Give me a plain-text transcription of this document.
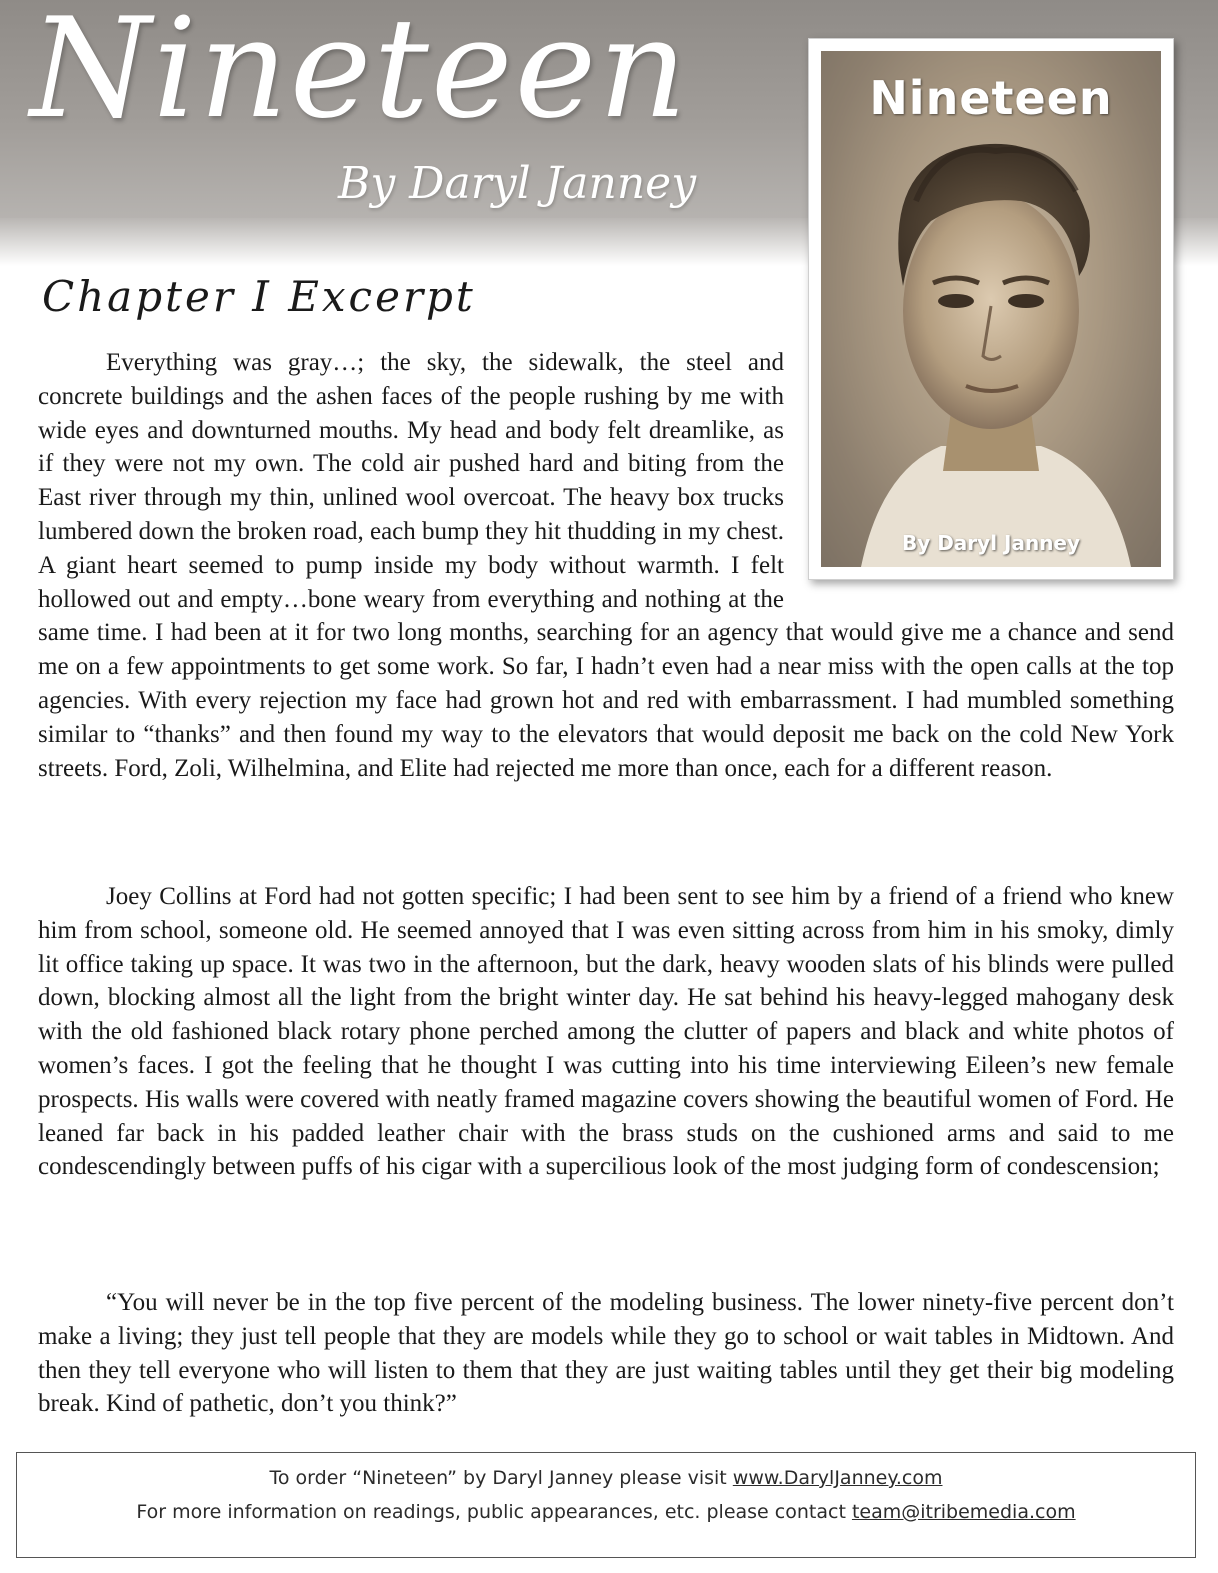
Nineteen
By Daryl Janney
Nineteen
By Daryl Janney
Chapter I Excerpt
Everything was gray…; the sky, the sidewalk, the steel and concrete buildings and the ashen faces of the people rushing by me with wide eyes and downturned mouths. My head and body felt dreamlike, as if they were not my own. The cold air pushed hard and biting from the East river through my thin, unlined wool overcoat. The heavy box trucks lumbered down the broken road, each bump they hit thudding in my chest. A giant heart seemed to pump inside my body without warmth. I felt hollowed out and empty…bone weary from everything and nothing at the same time. I had been at it for two long months, searching for an agency that would give me a chance and send me on a few appointments to get some work. So far, I hadn’t even had a near miss with the open calls at the top agencies. With every rejection my face had grown hot and red with embarrassment. I had mumbled something similar to “thanks” and then found my way to the elevators that would deposit me back on the cold New York streets. Ford, Zoli, Wilhelmina, and Elite had rejected me more than once, each for a different reason.

Joey Collins at Ford had not gotten specific; I had been sent to see him by a friend of a friend who knew him from school, someone old. He seemed annoyed that I was even sitting across from him in his smoky, dimly lit office taking up space. It was two in the afternoon, but the dark, heavy wooden slats of his blinds were pulled down, blocking almost all the light from the bright winter day. He sat behind his heavy-legged mahogany desk with the old fashioned black rotary phone perched among the clutter of papers and black and white photos of women’s faces. I got the feeling that he thought I was cutting into his time interviewing Eileen’s new female prospects. His walls were covered with neatly framed magazine covers showing the beautiful women of Ford. He leaned far back in his padded leather chair with the brass studs on the cushioned arms and said to me condescendingly between puffs of his cigar with a supercilious look of the most judging form of condescension;

“You will never be in the top five percent of the modeling business. The lower ninety-five percent don’t make a living; they just tell people that they are models while they go to school or wait tables in Midtown. And then they tell everyone who will listen to them that they are just waiting tables until they get their big modeling break. Kind of pathetic, don’t you think?”

To order “Nineteen” by Daryl Janney please visit www.DarylJanney.com
For more information on readings, public appearances, etc. please contact team@itribemedia.com
